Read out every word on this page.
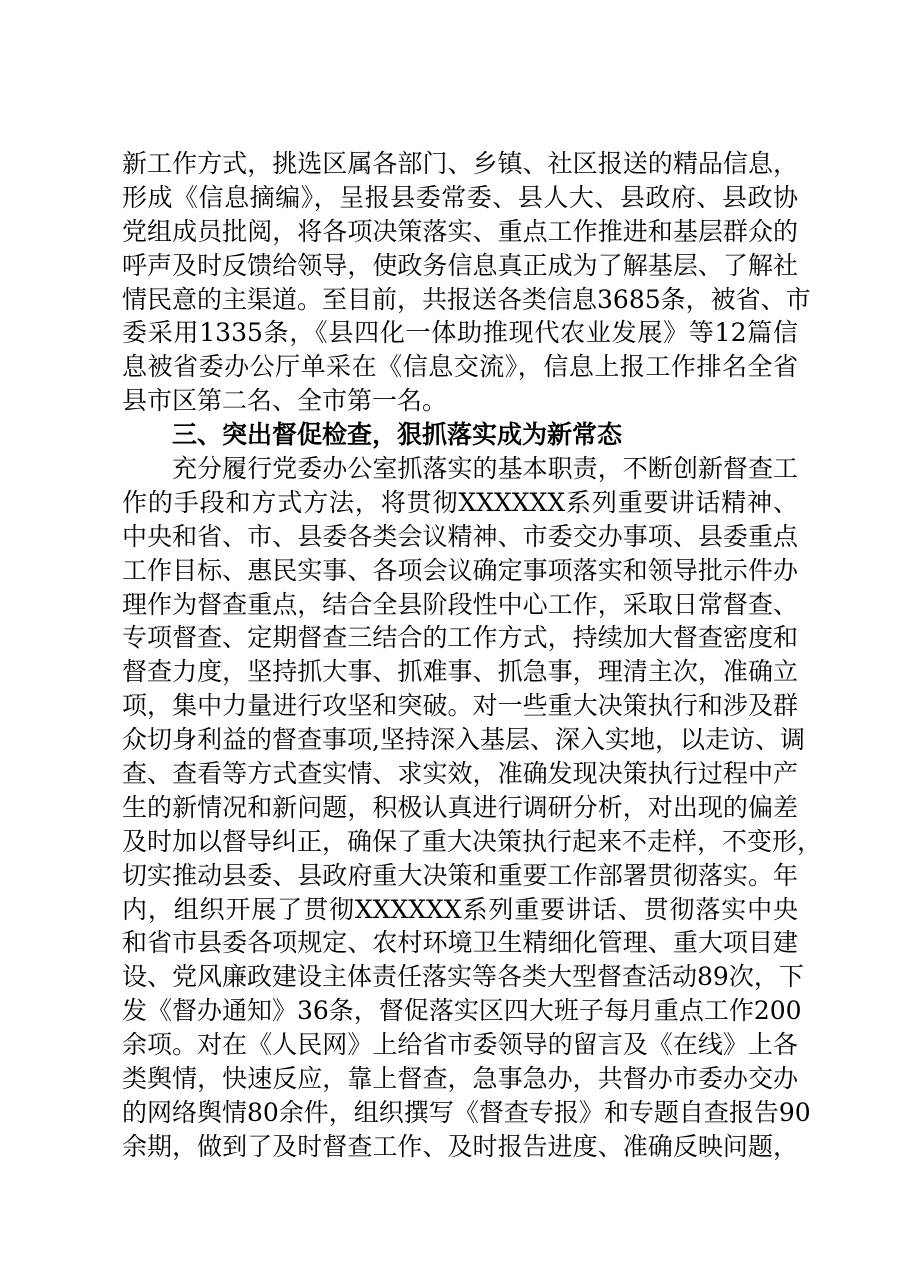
新工作方式，挑选区属各部门、乡镇、社区报送的精品信息，
形成《信息摘编》，呈报县委常委、县人大、县政府、县政协
党组成员批阅，将各项决策落实、重点工作推进和基层群众的
呼声及时反馈给领导，使政务信息真正成为了解基层、了解社
情民意的主渠道。至目前，共报送各类信息3685条，被省、市
委采用1335条，《县四化一体助推现代农业发展》等12篇信
息被省委办公厅单采在《信息交流》，信息上报工作排名全省
县市区第二名、全市第一名。
三、突出督促检查，狠抓落实成为新常态
充分履行党委办公室抓落实的基本职责，不断创新督查工
作的手段和方式方法，将贯彻XXXXXX系列重要讲话精神、
中央和省、市、县委各类会议精神、市委交办事项、县委重点
工作目标、惠民实事、各项会议确定事项落实和领导批示件办
理作为督查重点，结合全县阶段性中心工作，采取日常督查、
专项督查、定期督查三结合的工作方式，持续加大督查密度和
督查力度，坚持抓大事、抓难事、抓急事，理清主次，准确立
项，集中力量进行攻坚和突破。对一些重大决策执行和涉及群
众切身利益的督查事项,坚持深入基层、深入实地，以走访、调
查、查看等方式查实情、求实效，准确发现决策执行过程中产
生的新情况和新问题，积极认真进行调研分析，对出现的偏差
及时加以督导纠正，确保了重大决策执行起来不走样，不变形，
切实推动县委、县政府重大决策和重要工作部署贯彻落实。年
内，组织开展了贯彻XXXXXX系列重要讲话、贯彻落实中央
和省市县委各项规定、农村环境卫生精细化管理、重大项目建
设、党风廉政建设主体责任落实等各类大型督查活动89次，下
发《督办通知》36条，督促落实区四大班子每月重点工作200
余项。对在《人民网》上给省市委领导的留言及《在线》上各
类舆情，快速反应，靠上督查，急事急办，共督办市委办交办
的网络舆情80余件，组织撰写《督查专报》和专题自查报告90
余期，做到了及时督查工作、及时报告进度、准确反映问题，
